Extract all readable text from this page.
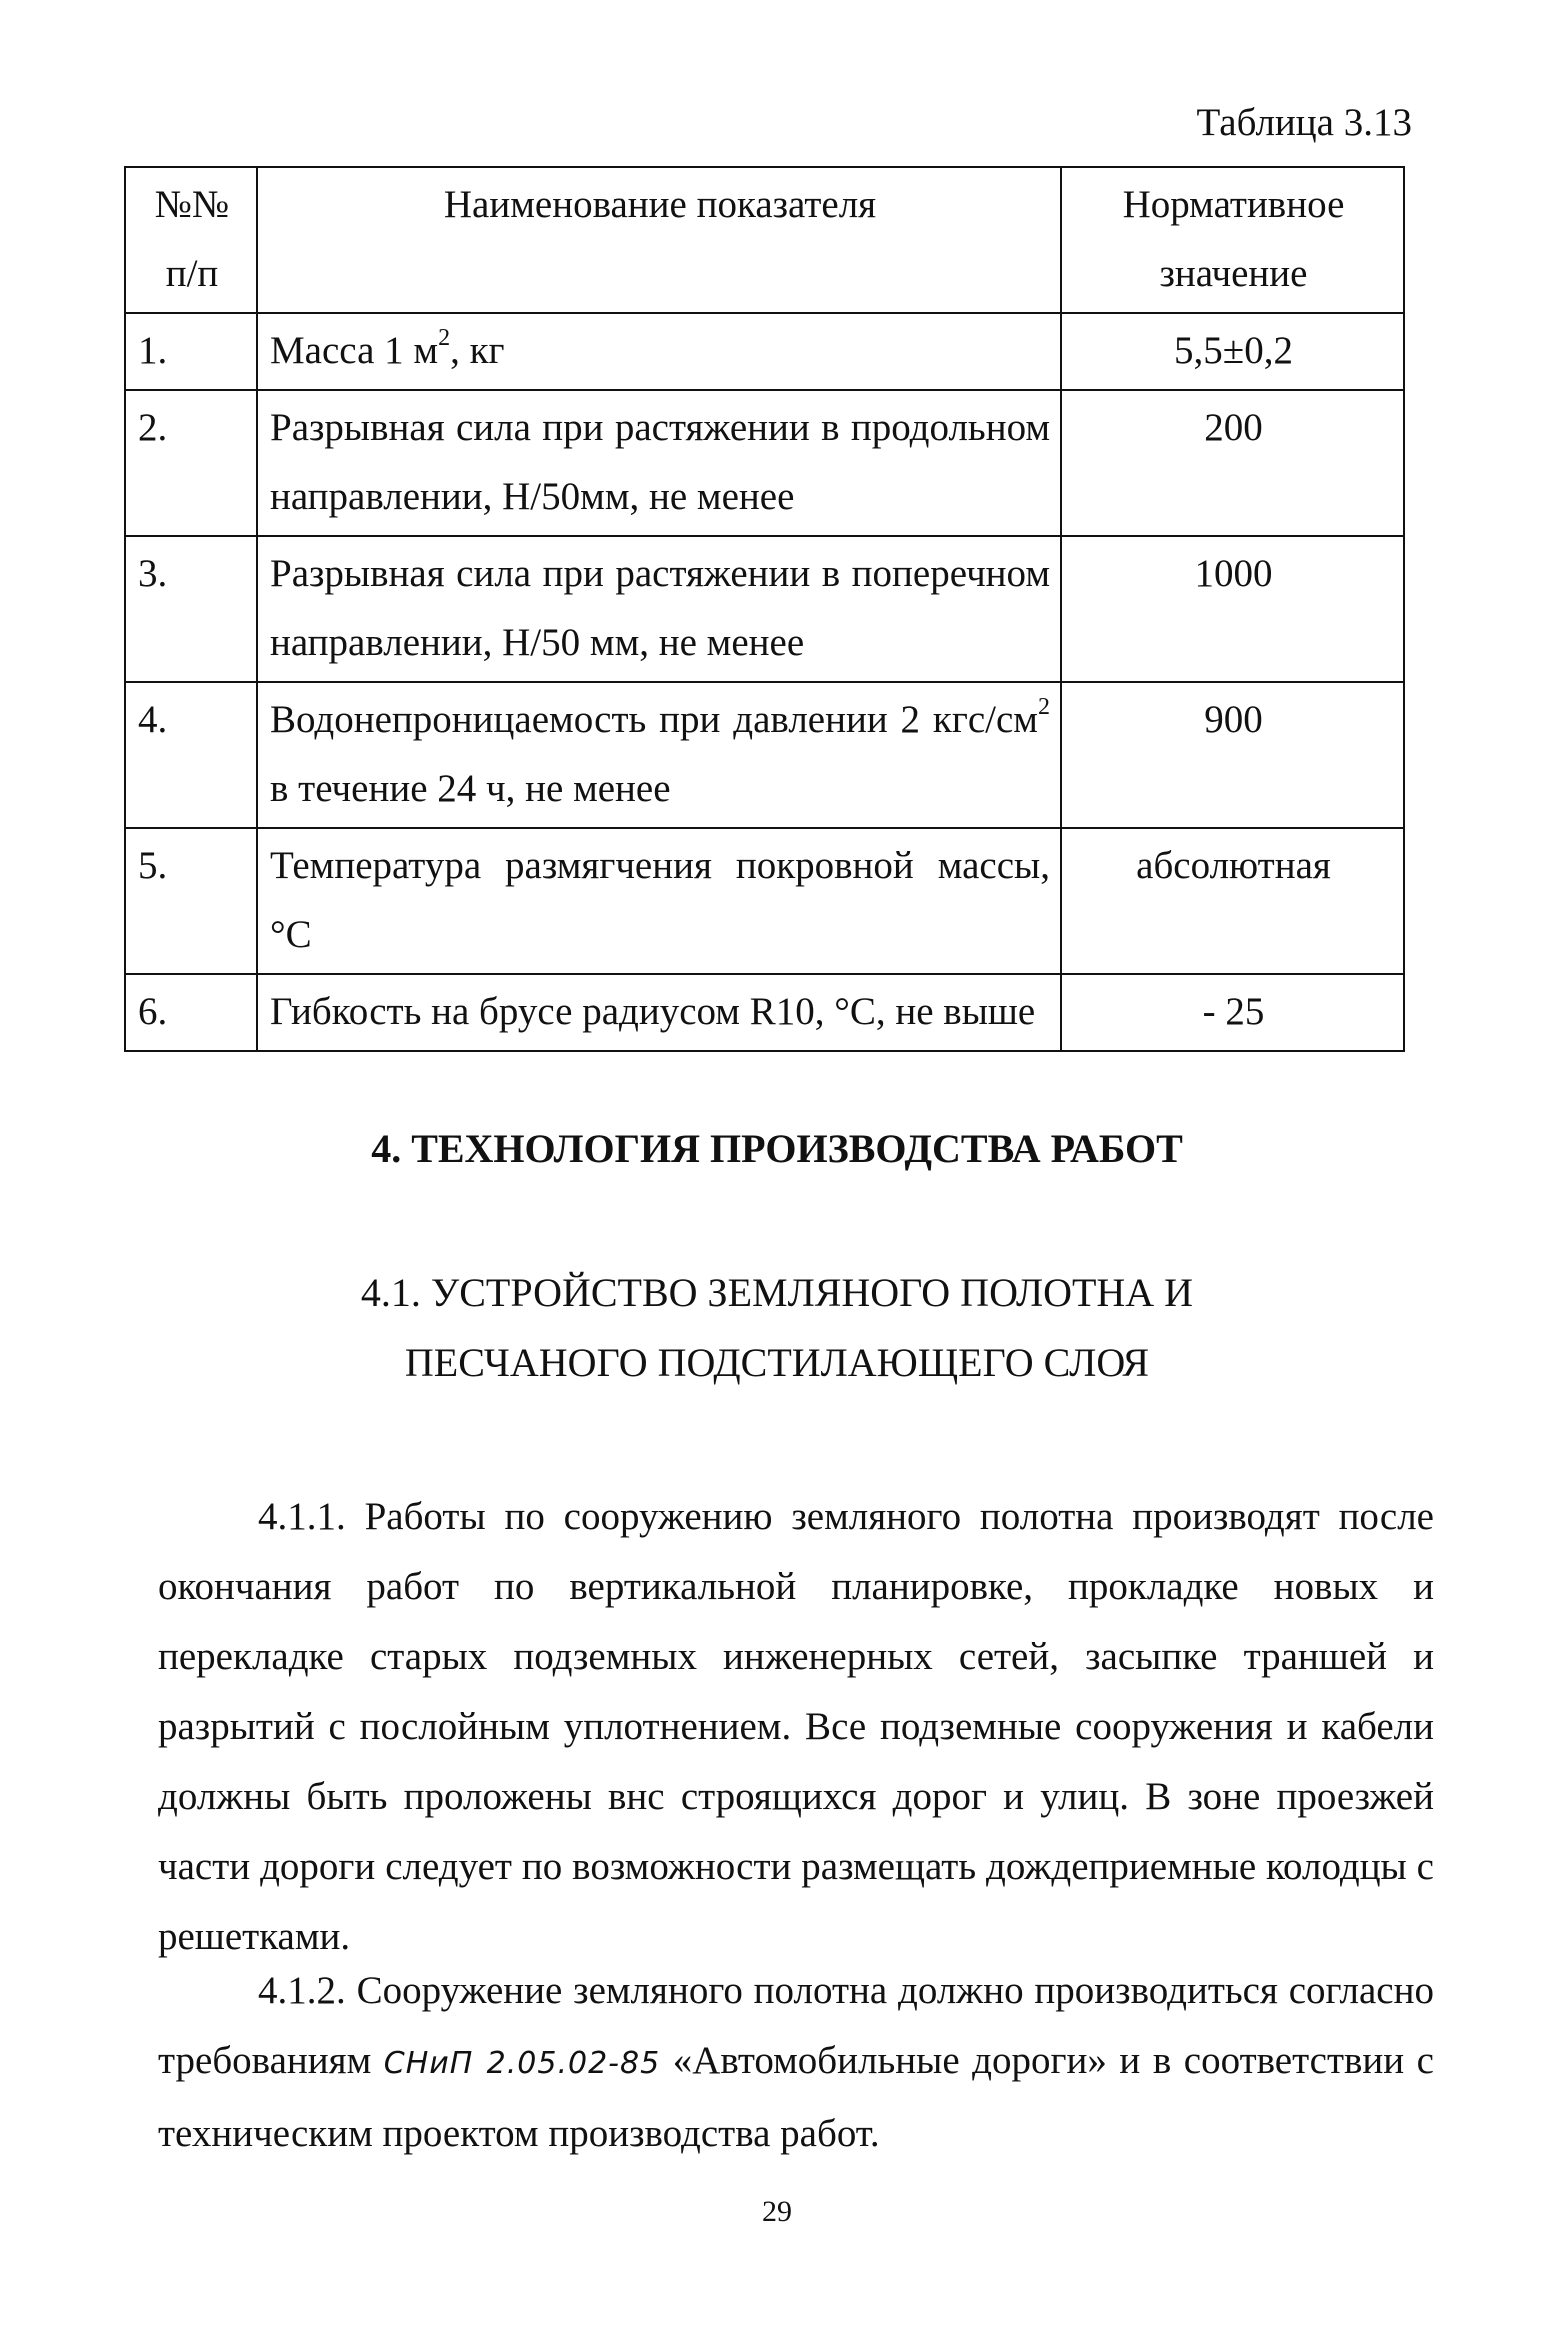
Таблица 3.13
№№ п/п	Наименование показателя	Нормативное значение
1.	Масса 1 $м^2$, кг	5,5±0,2
2.	Разрывная сила при растяжении в продольном направлении, Н/50мм, не менее	200
3.	Разрывная сила при растяжении в поперечном направлении, Н/50 мм, не менее	1000
4.	Водонепроницаемость при давлении 2 кгс/$см^2$ в течение 24 ч, не менее	900
5.	Температура размягчения покровной массы, °С	абсолютная
6.	Гибкость на брусе радиусом R10, °С, не выше	- 25
4. ТЕХНОЛОГИЯ ПРОИЗВОДСТВА РАБОТ
4.1. УСТРОЙСТВО ЗЕМЛЯНОГО ПОЛОТНА И
ПЕСЧАНОГО ПОДСТИЛАЮЩЕГО СЛОЯ

4.1.1. Работы по сооружению земляного полотна производят после окончания работ по вертикальной планировке, прокладке новых и перекладке старых подземных инженерных сетей, засыпке траншей и разрытий с послойным уплотнением. Все подземные сооружения и кабели должны быть проложены внс строящихся дорог и улиц. В зоне проезжей части дороги следует по возможности размещать дождеприемные колодцы с решетками.

4.1.2. Сооружение земляного полотна должно производиться согласно требованиям СНиП 2.05.02-85 «Автомобильные дороги» и в соответствии с техническим проектом производства работ.

29
